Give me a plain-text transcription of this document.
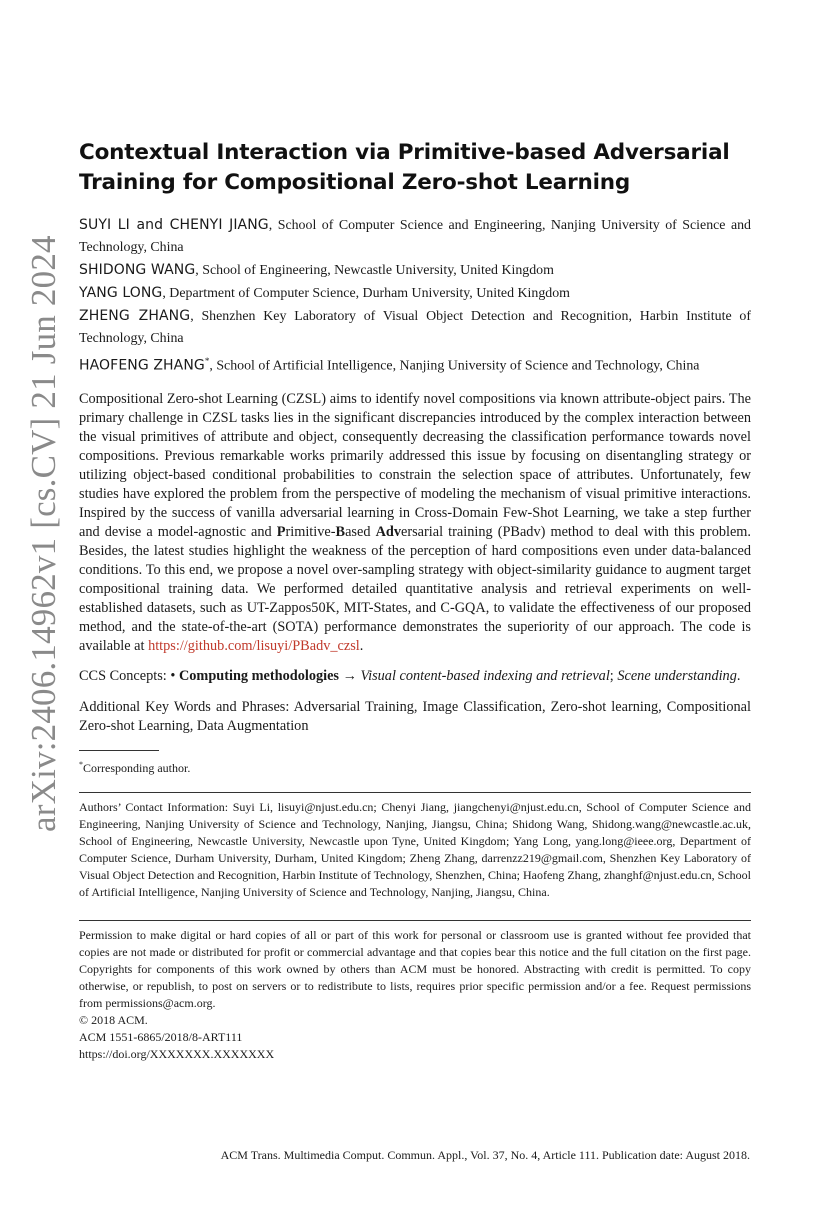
arXiv:2406.14962v1 [cs.CV] 21 Jun 2024
Contextual Interaction via Primitive-based Adversarial
Training for Compositional Zero-shot Learning
SUYI LI and CHENYI JIANG, School of Computer Science and Engineering, Nanjing University of Science and Technology, China
SHIDONG WANG, School of Engineering, Newcastle University, United Kingdom
YANG LONG, Department of Computer Science, Durham University, United Kingdom
ZHENG ZHANG, Shenzhen Key Laboratory of Visual Object Detection and Recognition, Harbin Institute of Technology, China
HAOFENG ZHANG*, School of Artificial Intelligence, Nanjing University of Science and Technology, China

Compositional Zero-shot Learning (CZSL) aims to identify novel compositions via known attribute-object pairs. The primary challenge in CZSL tasks lies in the significant discrepancies introduced by the complex interaction between the visual primitives of attribute and object, consequently decreasing the classification performance towards novel compositions. Previous remarkable works primarily addressed this issue by focusing on disentangling strategy or utilizing object-based conditional probabilities to constrain the selection space of attributes. Unfortunately, few studies have explored the problem from the perspective of modeling the mechanism of visual primitive interactions. Inspired by the success of vanilla adversarial learning in Cross-Domain Few-Shot Learning, we take a step further and devise a model-agnostic and Primitive-Based Adversarial training (PBadv) method to deal with this problem. Besides, the latest studies highlight the weakness of the perception of hard compositions even under data-balanced conditions. To this end, we propose a novel over-sampling strategy with object-similarity guidance to augment target compositional training data. We performed detailed quantitative analysis and retrieval experiments on well-established datasets, such as UT-Zappos50K, MIT-States, and C-GQA, to validate the effectiveness of our proposed method, and the state-of-the-art (SOTA) performance demonstrates the superiority of our approach. The code is available at https://github.com/lisuyi/PBadv_czsl.

CCS Concepts: • Computing methodologies → Visual content-based indexing and retrieval; Scene understanding.

Additional Key Words and Phrases: Adversarial Training, Image Classification, Zero-shot learning, Compositional Zero-shot Learning, Data Augmentation

*Corresponding author.

Authors’ Contact Information: Suyi Li, lisuyi@njust.edu.cn; Chenyi Jiang, jiangchenyi@njust.edu.cn, School of Computer Science and Engineering, Nanjing University of Science and Technology, Nanjing, Jiangsu, China; Shidong Wang, Shidong.wang@newcastle.ac.uk, School of Engineering, Newcastle University, Newcastle upon Tyne, United Kingdom; Yang Long, yang.long@ieee.org, Department of Computer Science, Durham University, Durham, United Kingdom; Zheng Zhang, darrenzz219@gmail.com, Shenzhen Key Laboratory of Visual Object Detection and Recognition, Harbin Institute of Technology, Shenzhen, China; Haofeng Zhang, zhanghf@njust.edu.cn, School of Artificial Intelligence, Nanjing University of Science and Technology, Nanjing, Jiangsu, China.

Permission to make digital or hard copies of all or part of this work for personal or classroom use is granted without fee provided that copies are not made or distributed for profit or commercial advantage and that copies bear this notice and the full citation on the first page. Copyrights for components of this work owned by others than ACM must be honored. Abstracting with credit is permitted. To copy otherwise, or republish, to post on servers or to redistribute to lists, requires prior specific permission and/or a fee. Request permissions from permissions@acm.org.

© 2018 ACM.
ACM 1551-6865/2018/8-ART111
https://doi.org/XXXXXXX.XXXXXXX
ACM Trans. Multimedia Comput. Commun. Appl., Vol. 37, No. 4, Article 111. Publication date: August 2018.
